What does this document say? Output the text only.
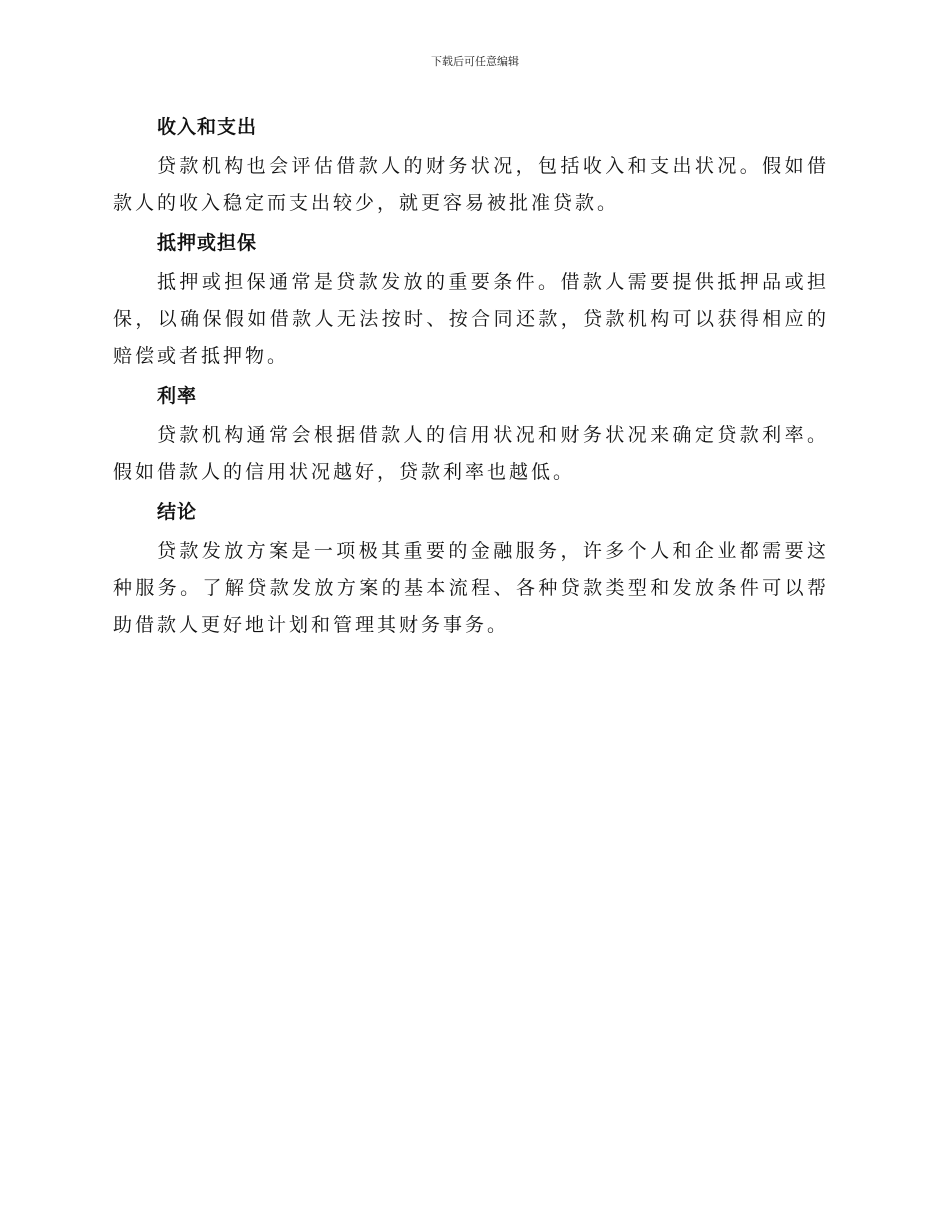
下载后可任意编辑
收入和支出

贷款机构也会评估借款人的财务状况，包括收入和支出状况。假如借款人的收入稳定而支出较少，就更容易被批准贷款。

抵押或担保

抵押或担保通常是贷款发放的重要条件。借款人需要提供抵押品或担保，以确保假如借款人无法按时、按合同还款，贷款机构可以获得相应的赔偿或者抵押物。

利率

贷款机构通常会根据借款人的信用状况和财务状况来确定贷款利率。假如借款人的信用状况越好，贷款利率也越低。

结论

贷款发放方案是一项极其重要的金融服务，许多个人和企业都需要这种服务。了解贷款发放方案的基本流程、各种贷款类型和发放条件可以帮助借款人更好地计划和管理其财务事务。
